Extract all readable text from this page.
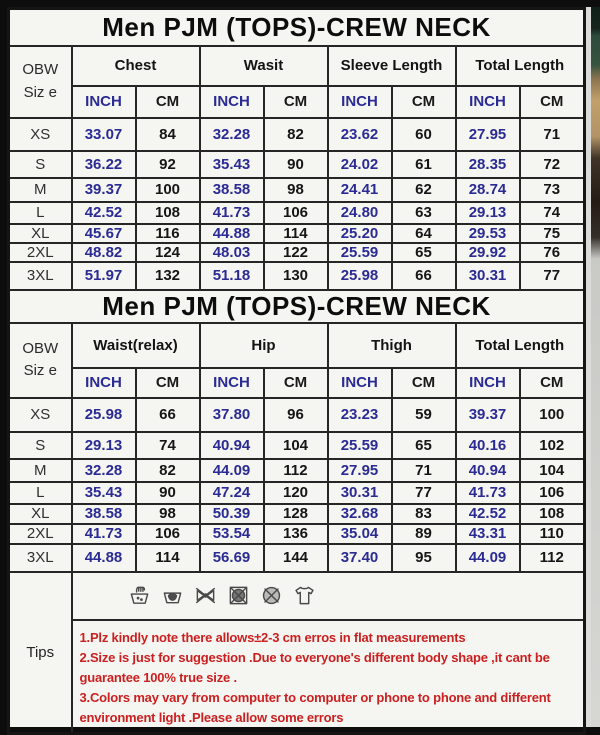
Men PJM (TOPS)-CREW NECK								

OBW
Siz e	Chest		Wasit		Sleeve Length		Total Length	
	INCH	CM	INCH	CM	INCH	CM	INCH	CM
XS	33.07	84	32.28	82	23.62	60	27.95	71
S	36.22	92	35.43	90	24.02	61	28.35	72
M	39.37	100	38.58	98	24.41	62	28.74	73
L	42.52	108	41.73	106	24.80	63	29.13	74
XL	45.67	116	44.88	114	25.20	64	29.53	75
2XL	48.82	124	48.03	122	25.59	65	29.92	76
3XL	51.97	132	51.18	130	25.98	66	30.31	77
Men PJM (TOPS)-CREW NECK								

OBW
Siz e	Waist(relax)		Hip		Thigh		Total Length	
	INCH	CM	INCH	CM	INCH	CM	INCH	CM
XS	25.98	66	37.80	96	23.23	59	39.37	100
S	29.13	74	40.94	104	25.59	65	40.16	102
M	32.28	82	44.09	112	27.95	71	40.94	104
L	35.43	90	47.24	120	30.31	77	41.73	106
XL	38.58	98	50.39	128	32.68	83	42.52	108
2XL	41.73	106	53.54	136	35.04	89	43.31	110
3XL	44.88	114	56.69	144	37.40	95	44.09	112
Tips	

	1.Plz kindly note there allows±2-3 cm erros in flat measurements
2.Size is just for suggestion .Due to everyone's different body shape ,it cant be guarantee 100% true size .
3.Colors may vary from computer to computer or phone to phone and different environment light .Please allow some errors							
